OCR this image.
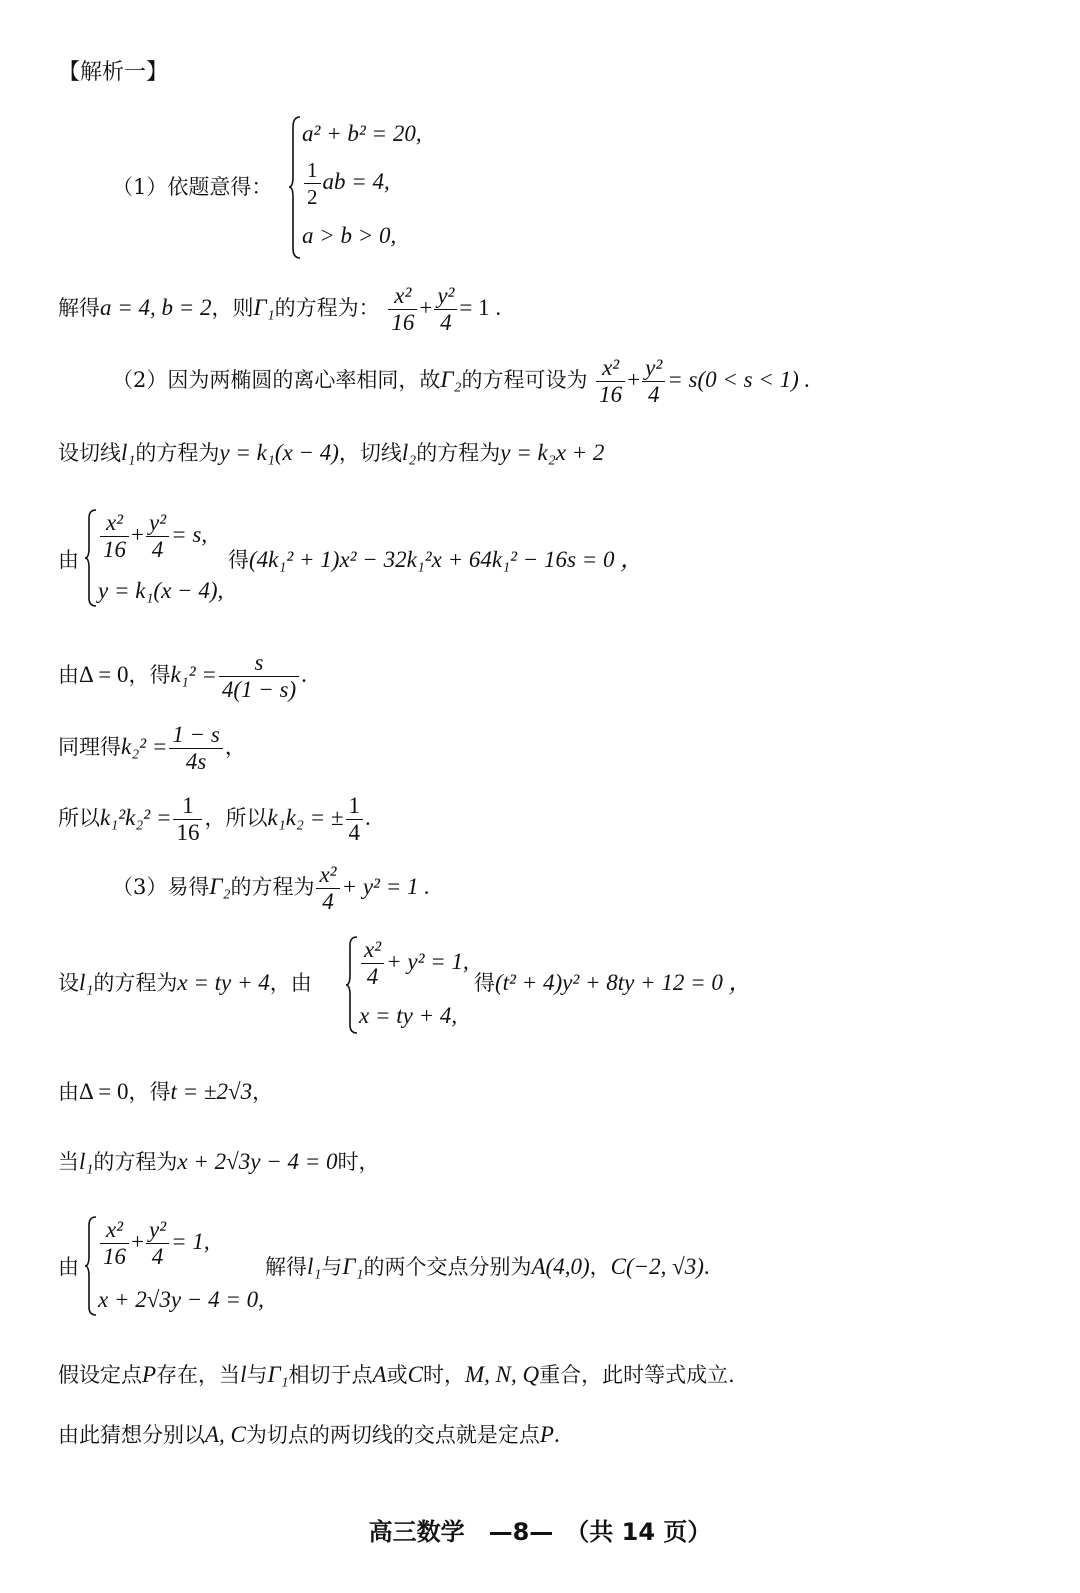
【解析一】
（1）依题意得：
a² + b² = 20,
$\frac{1}{2}$ ab = 4,
a > b > 0,
解得a = 4, b = 2，则Γ₁的方程为： $\frac{\text{x²}}{16} + \frac{\text{y²}}{4} = 1$ .
（2）因为两椭圆的离心率相同，故Γ₂的方程可设为 $\frac{\text{x²}}{16} + \frac{\text{y²}}{4} = s(0 < s < 1)$ .
设切线l₁的方程为y = k₁(x − 4)，切线l₂的方程为y = k₂x + 2
由 $\frac{\text{x²}}{16} + \frac{\text{y²}}{4} = s$,
y = k₁(x − 4),
得(4k₁² + 1)x² − 32k₁²x + 64k₁² − 16s = 0 ，
由Δ = 0，得$k_1^2 = \frac{s}{4(1 - s)}$ .
同理得$k_2^2 = \frac{1 - s}{4s}$ ，
所以$k_1^2k_2^2 = \frac{1}{16}$ ，所以k₁k₂ = ± $\frac{1}{4}$ .
（3）易得Γ₂的方程为 $\frac{\text{x²}}{4} + y^2 = 1$ .
设l₁的方程为x = ty + 4，由 $\frac{\text{x²}}{4} + y^2 = 1$,
x = ty + 4,
得(t² + 4)y² + 8ty + 12 = 0 ，
由Δ = 0，得t = ±2√3，
当l₁的方程为x + 2√3y − 4 = 0时，
由 $\frac{\text{x²}}{16} + \frac{\text{y²}}{4} = 1$,
x + 2√3y − 4 = 0,
解得l₁与Γ₁的两个交点分别为A(4,0)，C(−2, √3).
假设定点P存在，当l与Γ₁相切于点A或C时，M, N, Q重合，此时等式成立.
由此猜想分别以A, C为切点的两切线的交点就是定点P.
高三数学　—8—　（共 14 页）
